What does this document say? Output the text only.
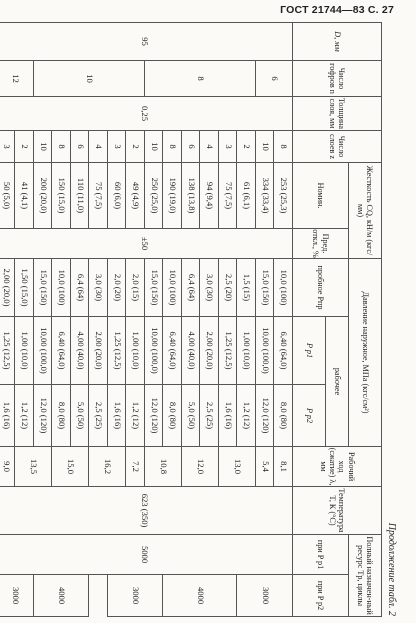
ГОСТ 21744—83 С. 27
Продолжение табл. 2
D, мм	Число гофров n	Толщина слоя, мм	Число слоев z	Жесткость CQ, кН/м (кгс/мм)		Давление наружное, МПа (кгс/см²)			Рабочий ход (сжатие) λ, мм	Температура T, К (°С)	Полный назначен-ный ресурс Tр, циклы	
				Номин.	Пред. откл., %	пробное Pпр	рабочее				при P p1	при P p2
							P p1	P p2				
95	6	0,25	8	253 (25,3)	±50	10,0 (100)	6,40 (64,0)	8,0 (80)	8,1	623 (350)	5000	3000
			10	334 (33,4)		15,0 (150)	10,00 (100,0)	12,0 (120)	5,4			
	8		2	61 (6,1)		1,5 (15)	1,00 (10,0)	1,2 (12)	13,0			
			3	75 (7,5)		2,5 (20)	1,25 (12,5)	1,6 (16)				4000
			4	94 (9,4)		3,0 (30)	2,00 (20,0)	2,5 (25)	12,0			
			6	138 (13,8)		6,4 (64)	4,00 (40,0)	5,0 (50)				
			8	190 (19,0)		10,0 (100)	6,40 (64,0)	8,0 (80)	10,8			
			10	250 (25,0)		15,0 (150)	10,00 (100,0)	12,0 (120)				3000
	10		2	49 (4,9)		2,0 (15)	1,00 (10,0)	1,2 (12)	7,2			
			3	60 (6,0)		2,0 (20)	1,25 (12,5)	1,6 (16)	16,2			
			4	75 (7,5)		3,0 (30)	2,00 (20,0)	2,5 (25)				
			6	110 (11,0)		6,4 (64)	4,00 (40,0)	5,0 (50)	15,0			4000
			8	150 (15,0)		10,0 (100)	6,40 (64,0)	8,0 (80)				
			10	200 (20,0)		15,0 (150)	10,00 (100,0)	12,0 (120)	13,5			
	12		2	41 (4,1)		1,50 (15,0)	1,00 (10,0)	1,2 (12)				3000
			3	50 (5,0)		2,00 (20,0)	1,25 (12,5)	1,6 (16)	9,0			
